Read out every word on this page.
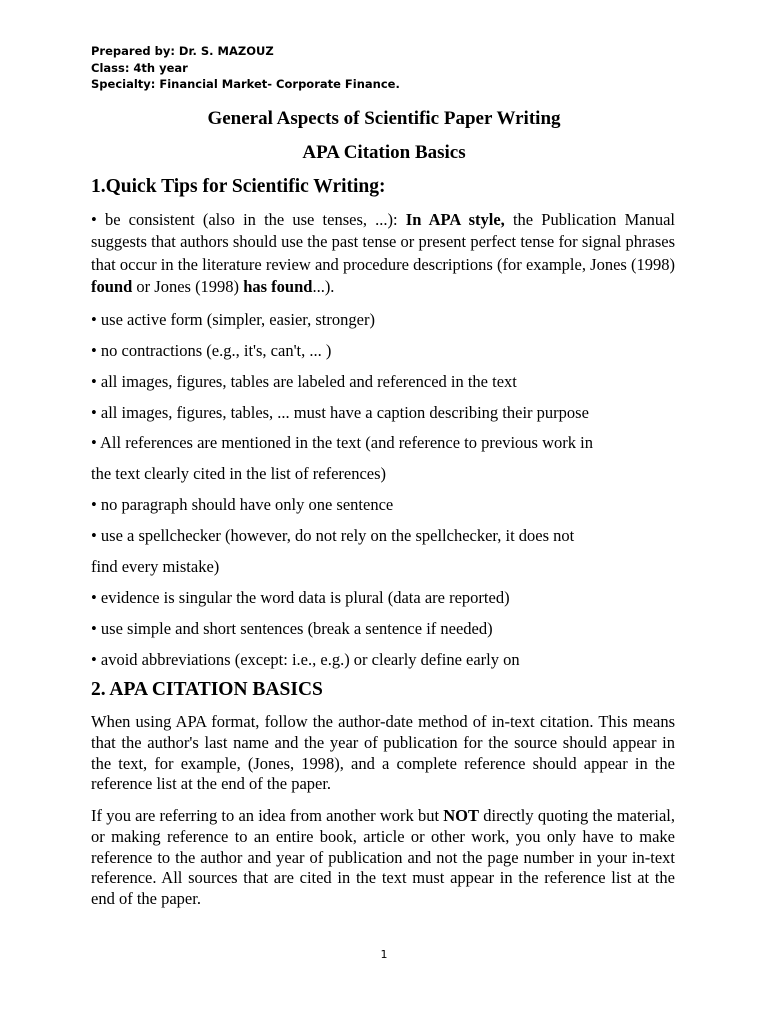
Prepared by: Dr. S. MAZOUZ
Class: 4th year
Specialty: Financial Market- Corporate Finance.
General Aspects of Scientific Paper Writing
APA Citation Basics
1.Quick Tips for Scientific Writing:
• be consistent (also in the use tenses, ...): In APA style, the Publication Manual suggests that authors should use the past tense or present perfect tense for signal phrases that occur in the literature review and procedure descriptions (for example, Jones (1998) found or Jones (1998) has found...).
• use active form (simpler, easier, stronger)
• no contractions (e.g., it's, can't, ... )
• all images, figures, tables are labeled and referenced in the text
• all images, figures, tables, ... must have a caption describing their purpose
• All references are mentioned in the text (and reference to previous work in
the text clearly cited in the list of references)
• no paragraph should have only one sentence
• use a spellchecker (however, do not rely on the spellchecker, it does not
find every mistake)
• evidence is singular the word data is plural (data are reported)
• use simple and short sentences (break a sentence if needed)
• avoid abbreviations (except: i.e., e.g.) or clearly define early on
2. APA CITATION BASICS
When using APA format, follow the author-date method of in-text citation. This means that the author's last name and the year of publication for the source should appear in the text, for example, (Jones, 1998), and a complete reference should appear in the reference list at the end of the paper.
If you are referring to an idea from another work but NOT directly quoting the material, or making reference to an entire book, article or other work, you only have to make reference to the author and year of publication and not the page number in your in-text reference. All sources that are cited in the text must appear in the reference list at the end of the paper.
1
